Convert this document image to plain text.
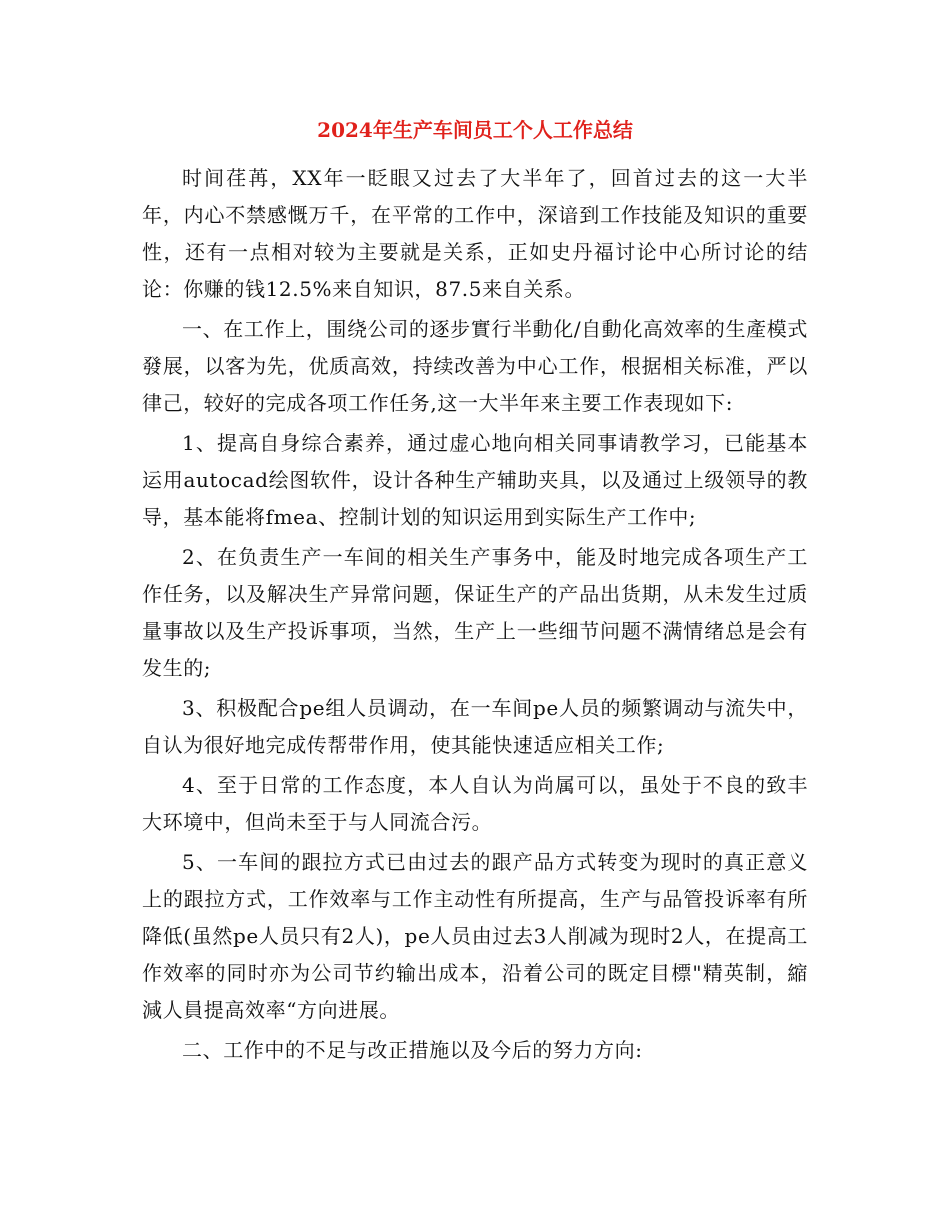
2024年生产车间员工个人工作总结

时间荏苒，XX年一眨眼又过去了大半年了，回首过去的这一大半年，内心不禁感慨万千，在平常的工作中，深谙到工作技能及知识的重要性，还有一点相对较为主要就是关系，正如史丹福讨论中心所讨论的结论：你赚的钱12.5%来自知识，87.5来自关系。

一、在工作上，围绕公司的逐步實行半動化/自動化高效率的生產模式發展，以客为先，优质高效，持续改善为中心工作，根据相关标准，严以律己，较好的完成各项工作任务,这一大半年来主要工作表现如下:

1、提高自身综合素养，通过虚心地向相关同事请教学习，已能基本运用autocad绘图软件，设计各种生产辅助夹具，以及通过上级领导的教导，基本能将fmea、控制计划的知识运用到实际生产工作中;

2、在负责生产一车间的相关生产事务中，能及时地完成各项生产工作任务，以及解决生产异常问题，保证生产的产品出货期，从未发生过质量事故以及生产投诉事项，当然，生产上一些细节问题不满情绪总是会有发生的;

3、积极配合pe组人员调动，在一车间pe人员的频繁调动与流失中，自认为很好地完成传帮带作用，使其能快速适应相关工作;

4、至于日常的工作态度，本人自认为尚属可以，虽处于不良的致丰大环境中，但尚未至于与人同流合污。

5、一车间的跟拉方式已由过去的跟产品方式转变为现时的真正意义上的跟拉方式，工作效率与工作主动性有所提高，生产与品管投诉率有所降低(虽然pe人员只有2人)，pe人员由过去3人削减为现时2人，在提高工作效率的同时亦为公司节约输出成本，沿着公司的既定目標"精英制，縮減人員提高效率“方向进展。

二、工作中的不足与改正措施以及今后的努力方向:
